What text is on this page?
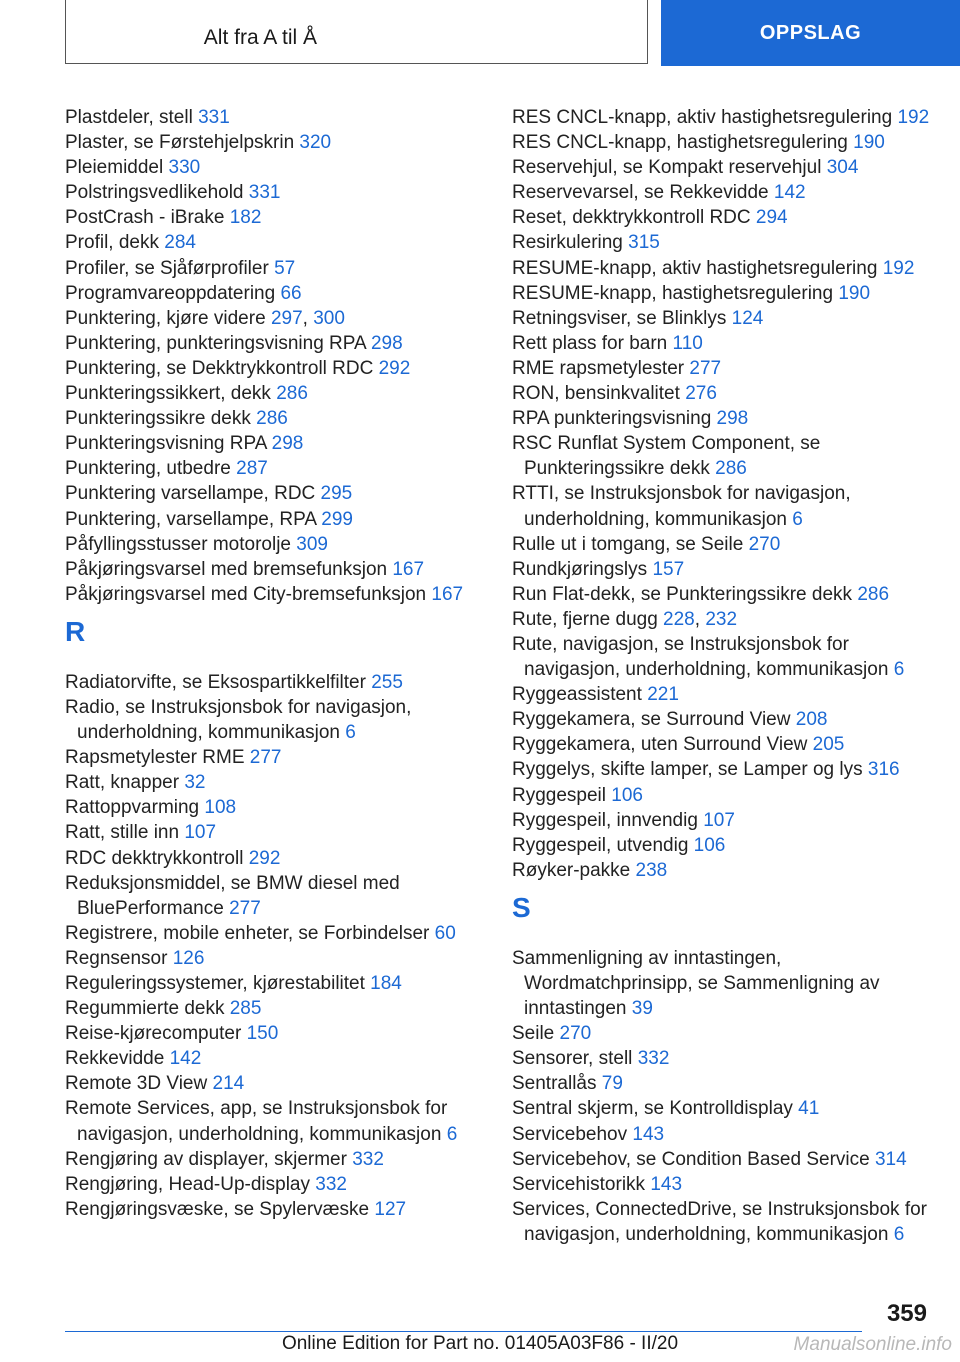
Alt fra A til Å	OPPSLAG
Plastdeler, stell 331
Plaster, se Førstehjelpskrin 320
Pleiemiddel 330
Polstringsvedlikehold 331
PostCrash - iBrake 182
Profil, dekk 284
Profiler, se Sjåførprofiler 57
Programvareoppdatering 66
Punktering, kjøre videre 297, 300
Punktering, punkteringsvisning RPA 298
Punktering, se Dekktrykkontroll RDC 292
Punkteringssikkert, dekk 286
Punkteringssikre dekk 286
Punkteringsvisning RPA 298
Punktering, utbedre 287
Punktering varsellampe, RDC 295
Punktering, varsellampe, RPA 299
Påfyllingsstusser motorolje 309
Påkjøringsvarsel med bremsefunksjon 167
Påkjøringsvarsel med City-bremsefunksjon 167
R
Radiatorvifte, se Eksospartikkelfilter 255
Radio, se Instruksjonsbok for navigasjon, underholdning, kommunikasjon 6
Rapsmetylester RME 277
Ratt, knapper 32
Rattoppvarming 108
Ratt, stille inn 107
RDC dekktrykkontroll 292
Reduksjonsmiddel, se BMW diesel med BluePerformance 277
Registrere, mobile enheter, se Forbindelser 60
Regnsensor 126
Reguleringssystemer, kjørestabilitet 184
Regummierte dekk 285
Reise-kjørecomputer 150
Rekkevidde 142
Remote 3D View 214
Remote Services, app, se Instruksjonsbok for navigasjon, underholdning, kommunikasjon 6
Rengjøring av displayer, skjermer 332
Rengjøring, Head-Up-display 332
Rengjøringsvæske, se Spylervæske 127
RES CNCL-knapp, aktiv hastighetsregulering 192
RES CNCL-knapp, hastighetsregulering 190
Reservehjul, se Kompakt reservehjul 304
Reservevarsel, se Rekkevidde 142
Reset, dekktrykkontroll RDC 294
Resirkulering 315
RESUME-knapp, aktiv hastighetsregulering 192
RESUME-knapp, hastighetsregulering 190
Retningsviser, se Blinklys 124
Rett plass for barn 110
RME rapsmetylester 277
RON, bensinkvalitet 276
RPA punkteringsvisning 298
RSC Runflat System Component, se Punkteringssikre dekk 286
RTTI, se Instruksjonsbok for navigasjon, underholdning, kommunikasjon 6
Rulle ut i tomgang, se Seile 270
Rundkjøringslys 157
Run Flat-dekk, se Punkteringssikre dekk 286
Rute, fjerne dugg 228, 232
Rute, navigasjon, se Instruksjonsbok for navigasjon, underholdning, kommunikasjon 6
Ryggeassistent 221
Ryggekamera, se Surround View 208
Ryggekamera, uten Surround View 205
Ryggelys, skifte lamper, se Lamper og lys 316
Ryggespeil 106
Ryggespeil, innvendig 107
Ryggespeil, utvendig 106
Røyker-pakke 238
S
Sammenligning av inntastingen, Wordmatchprinsipp, se Sammenligning av inntastingen 39
Seile 270
Sensorer, stell 332
Sentrallås 79
Sentral skjerm, se Kontrolldisplay 41
Servicebehov 143
Servicebehov, se Condition Based Service 314
Servicehistorikk 143
Services, ConnectedDrive, se Instruksjonsbok for navigasjon, underholdning, kommunikasjon 6
359
Online Edition for Part no. 01405A03F86 - II/20	Manualsonline.info
